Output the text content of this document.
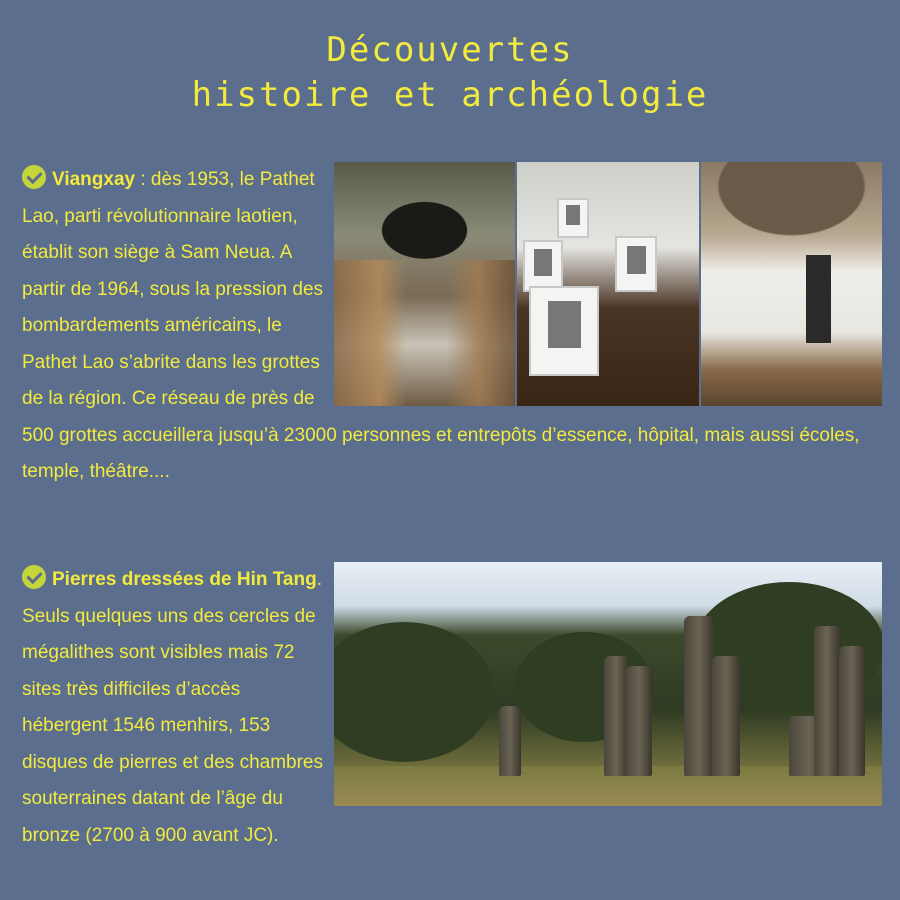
Découvertes
histoire et archéologie
Viangxay : dès 1953, le Pathet Lao, parti révolutionnaire laotien, établit son siège à Sam Neua. A partir de 1964, sous la pression des bombardements américains, le Pathet Lao s’abrite dans les grottes de la région. Ce réseau de près de 500 grottes accueillera jusqu’à 23000 personnes et entrepôts d’essence, hôpital, mais aussi écoles, temple, théâtre....
Pierres dressées de Hin Tang. Seuls quelques uns des cercles de mégalithes sont visibles mais 72 sites très difficiles d’accès hébergent 1546 menhirs, 153 disques de pierres et des chambres souterraines datant de l’âge du bronze (2700 à 900 avant JC).
